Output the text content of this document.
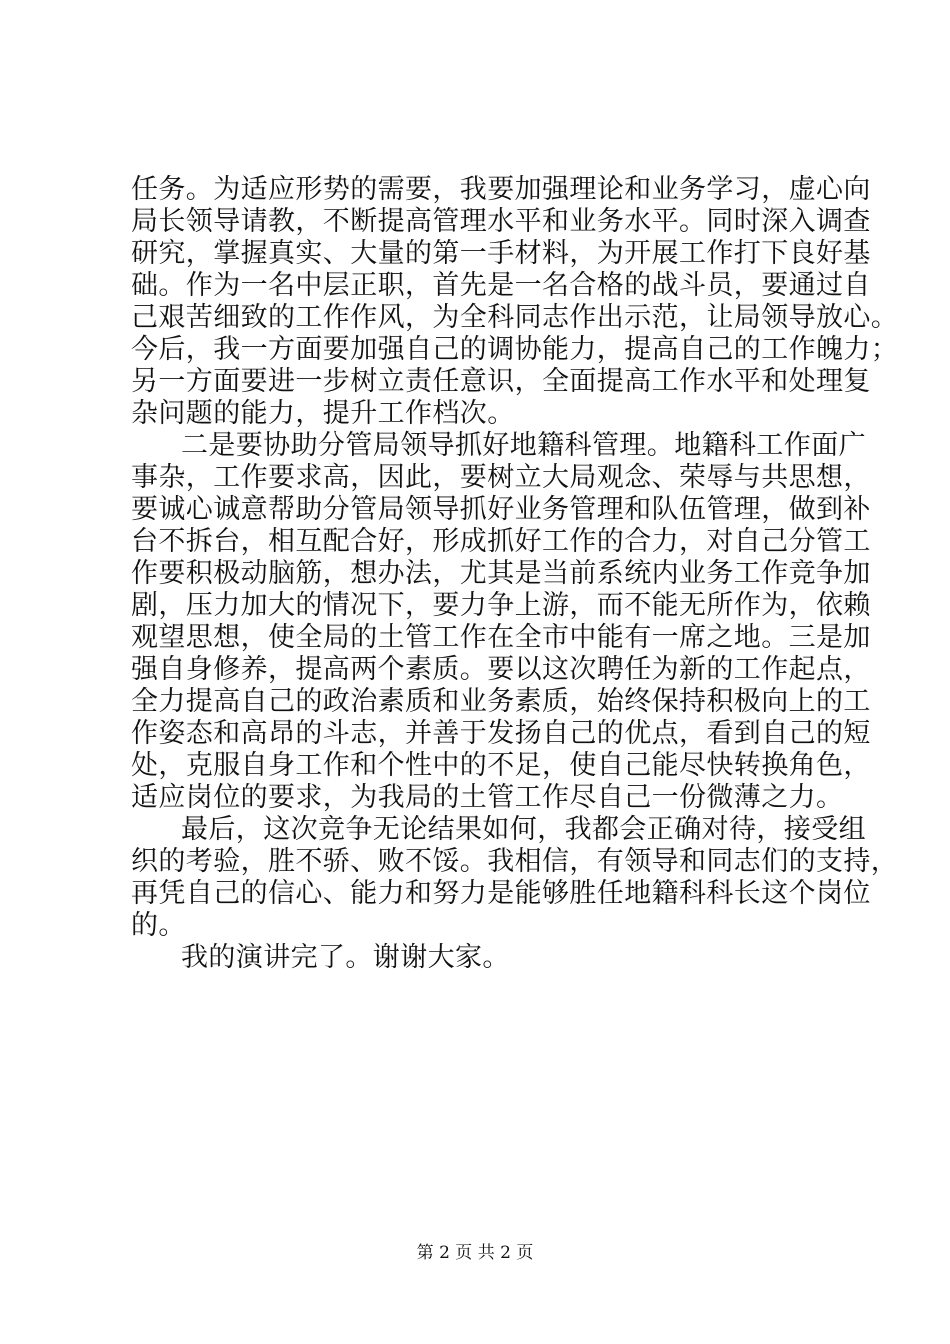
任务。为适应形势的需要，我要加强理论和业务学习，虚心向
局长领导请教，不断提高管理水平和业务水平。同时深入调查
研究，掌握真实、大量的第一手材料，为开展工作打下良好基
础。作为一名中层正职，首先是一名合格的战斗员，要通过自
己艰苦细致的工作作风，为全科同志作出示范，让局领导放心。
今后，我一方面要加强自己的调协能力，提高自己的工作魄力；
另一方面要进一步树立责任意识，全面提高工作水平和处理复
杂问题的能力，提升工作档次。
二是要协助分管局领导抓好地籍科管理。地籍科工作面广
事杂，工作要求高，因此，要树立大局观念、荣辱与共思想，
要诚心诚意帮助分管局领导抓好业务管理和队伍管理，做到补
台不拆台，相互配合好，形成抓好工作的合力，对自己分管工
作要积极动脑筋，想办法，尤其是当前系统内业务工作竞争加
剧，压力加大的情况下，要力争上游，而不能无所作为，依赖
观望思想，使全局的土管工作在全市中能有一席之地。三是加
强自身修养，提高两个素质。要以这次聘任为新的工作起点，
全力提高自己的政治素质和业务素质，始终保持积极向上的工
作姿态和高昂的斗志，并善于发扬自己的优点，看到自己的短
处，克服自身工作和个性中的不足，使自己能尽快转换角色，
适应岗位的要求，为我局的土管工作尽自己一份微薄之力。
最后，这次竞争无论结果如何，我都会正确对待，接受组
织的考验，胜不骄、败不馁。我相信，有领导和同志们的支持，
再凭自己的信心、能力和努力是能够胜任地籍科科长这个岗位
的。
我的演讲完了。谢谢大家。
第 2 页 共 2 页
